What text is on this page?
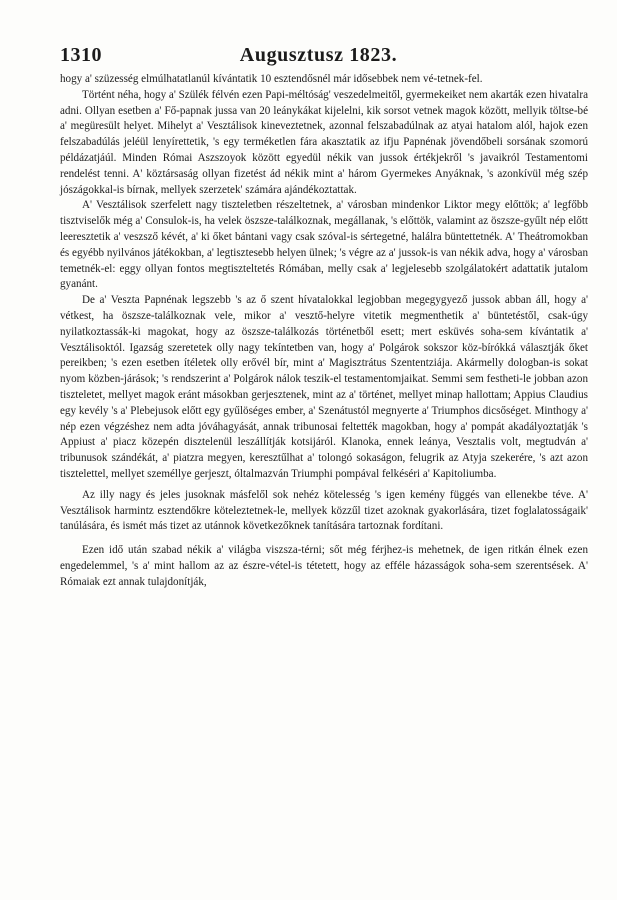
1310	Augusztusz 1823.

hogy a' szüzesség elmúlhatatlanúl kívántatik 10 esztendősnél már idősebbek nem vé-tetnek-fel.

Történt néha, hogy a' Szülék félvén ezen Papi-méltóság' veszedelmeitől, gyermekeiket nem akarták ezen hivatalra adni. Ollyan esetben a' Fő-papnak jussa van 20 leánykákat kijelelni, kik sorsot vetnek magok között, mellyik töltse-bé a' megüresült helyet. Mihelyt a' Vesztálisok kineveztetnek, azonnal felszabadúlnak az atyai hatalom alól, hajok ezen felszabadúlás jeléül lenyírettetik, 's egy terméketlen fára akasztatik az ifju Papnénak jövendőbeli sorsának szomorú példázatjáúl. Minden Római Aszszoyok között egyedül nékik van jussok értékjekről 's javaikról Testamentomi rendelést tenni. A' köztársaság ollyan fizetést ád nékik mint a' három Gyermekes Anyáknak, 's azonkívül még szép jószágokkal-is bírnak, mellyek szerzetek' számára ajándékoztattak.

A' Vesztálisok szerfelett nagy tiszteletben részeltetnek, a' városban mindenkor Liktor megy előttök; a' legfőbb tisztviselők még a' Consulok-is, ha velek öszsze-találkoznak, megállanak, 's előttök, valamint az öszsze-gyűlt nép előtt leeresztetik a' veszsző kévét, a' ki őket bántani vagy csak szóval-is sértegetné, halálra büntettetnék. A' Theátromokban és egyébb nyilvános játékokban, a' legtisztesebb helyen ülnek; 's végre az a' jussok-is van nékik adva, hogy a' városban temetnék-el: eggy ollyan fontos megtiszteltetés Rómában, melly csak a' legjelesebb szolgálatokért adattatik jutalom gyanánt.

De a' Veszta Papnénak legszebb 's az ő szent hívatalokkal legjobban megegygyező jussok abban áll, hogy a' vétkest, ha öszsze-találkoznak vele, mikor a' vesztő-helyre vitetik megmenthetik a' büntetéstől, csak-úgy nyilatkoztassák-ki magokat, hogy az öszsze-találkozás történetből esett; mert esküvés soha-sem kívántatik a' Vesztálisoktól. Igazság szeretetek olly nagy tekíntetben van, hogy a' Polgárok sokszor köz-bírókká választják őket pereikben; 's ezen esetben ítéletek olly erővél bír, mint a' Magisztrátus Szententziája. Akármelly dologban-is sokat nyom közben-járások; 's rendszerint a' Polgárok nálok teszik-el testamentomjaikat. Semmi sem festheti-le jobban azon tiszteletet, mellyet magok eránt másokban gerjesztenek, mint az a' történet, mellyet minap hallottam; Appius Claudius egy kevély 's a' Plebejusok előtt egy gyűlöséges ember, a' Szenátustól megnyerte a' Triumphos dicsőséget. Minthogy a' nép ezen végzéshez nem adta jóváhagyását, annak tribunosai feltették magokban, hogy a' pompát akadályoztatják 's Appiust a' piacz közepén disztelenül leszállítják kotsijáról. Klanoka, ennek leánya, Vesztalis volt, megtudván a' tribunusok szándékát, a' piatzra megyen, keresztűlhat a' tolongó sokaságon, felugrik az Atyja szekerére, 's azt azon tisztelettel, mellyet személlye gerjeszt, óltalmazván Triumphi pompával felkéséri a' Kapitoliumba.

Az illy nagy és jeles jusoknak másfelől sok nehéz kötelesség 's igen kemény függés van ellenekbe téve. A' Vesztálisok harmintz esztendőkre köteleztetnek-le, mellyek közzűl tizet azoknak gyakorlására, tizet foglalatosságaik' tanúlására, és ismét más tizet az utánnok következőknek tanítására tartoznak fordítani.

Ezen idő után szabad nékik a' világba viszsza-térni; sőt még férjhez-is mehetnek, de igen ritkán élnek ezen engedelemmel, 's a' mint hallom az az észre-vétel-is tétetett, hogy az efféle házasságok soha-sem szerentsések. A' Rómaiak ezt annak tulajdonítják,
